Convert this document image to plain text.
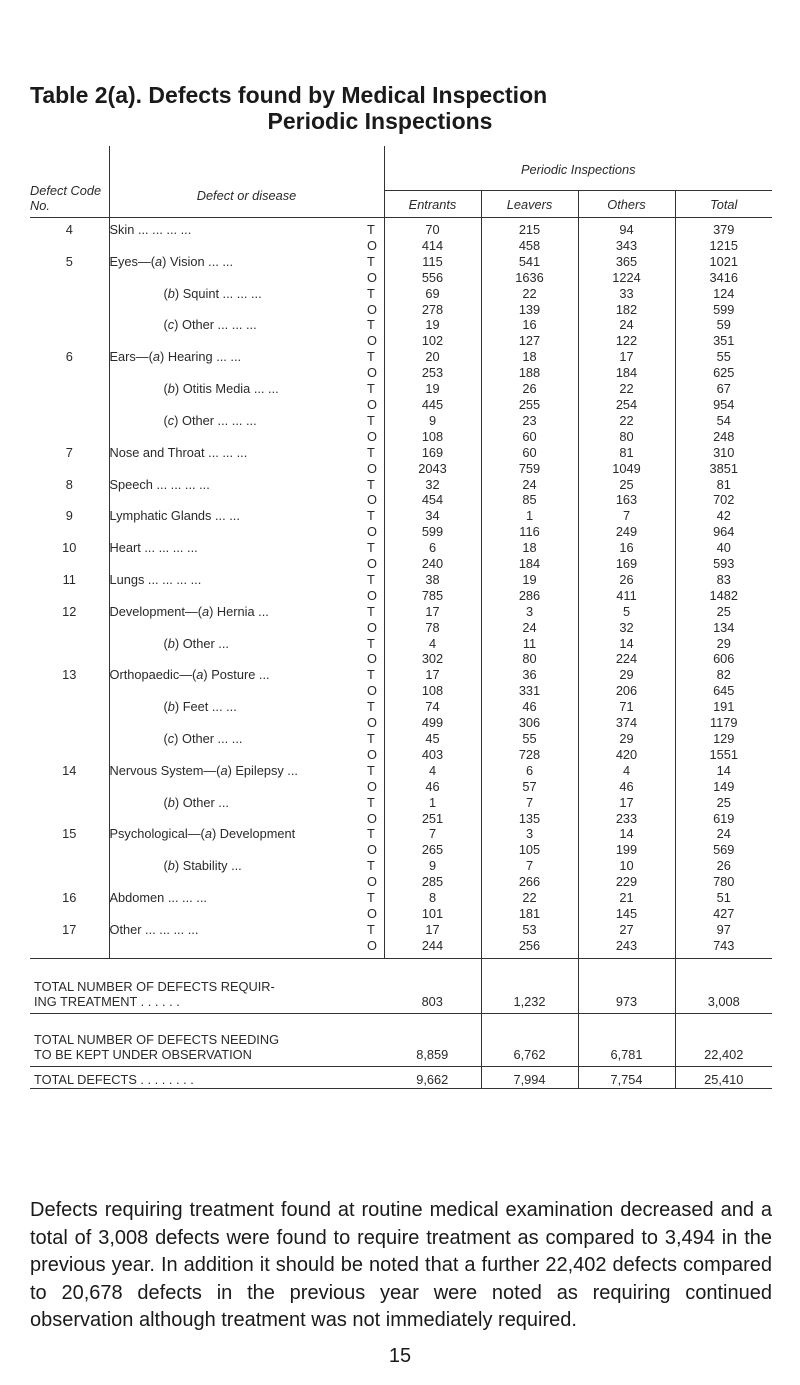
Table 2(a). Defects found by Medical Inspection
Periodic Inspections
Defect Code No.	Defect or disease		Periodic Inspections			
			Entrants	Leavers	Others	Total
4	Skin ... ... ... ...	T	70	215	94	379
		O	414	458	343	1215
5	Eyes—(a) Vision ... ...	T	115	541	365	1021
		O	556	1636	1224	3416
	(b) Squint ... ... ...	T	69	22	33	124
		O	278	139	182	599
	(c) Other ... ... ...	T	19	16	24	59
		O	102	127	122	351
6	Ears—(a) Hearing ... ...	T	20	18	17	55
		O	253	188	184	625
	(b) Otitis Media ... ...	T	19	26	22	67
		O	445	255	254	954
	(c) Other ... ... ...	T	9	23	22	54
		O	108	60	80	248
7	Nose and Throat ... ... ...	T	169	60	81	310
		O	2043	759	1049	3851
8	Speech ... ... ... ...	T	32	24	25	81
		O	454	85	163	702
9	Lymphatic Glands ... ...	T	34	1	7	42
		O	599	116	249	964
10	Heart ... ... ... ...	T	6	18	16	40
		O	240	184	169	593
11	Lungs ... ... ... ...	T	38	19	26	83
		O	785	286	411	1482
12	Development—(a) Hernia ...	T	17	3	5	25
		O	78	24	32	134
	(b) Other ...	T	4	11	14	29
		O	302	80	224	606
13	Orthopaedic—(a) Posture ...	T	17	36	29	82
		O	108	331	206	645
	(b) Feet ... ...	T	74	46	71	191
		O	499	306	374	1179
	(c) Other ... ...	T	45	55	29	129
		O	403	728	420	1551
14	Nervous System—(a) Epilepsy ...	T	4	6	4	14
		O	46	57	46	149
	(b) Other ...	T	1	7	17	25
		O	251	135	233	619
15	Psychological—(a) Development	T	7	3	14	24
		O	265	105	199	569
	(b) Stability ...	T	9	7	10	26
		O	285	266	229	780
16	Abdomen ... ... ...	T	8	22	21	51
		O	101	181	145	427
17	Other ... ... ... ...	T	17	53	27	97
		O	244	256	243	743

TOTAL NUMBER OF DEFECTS REQUIR-
ING TREATMENT . . . . . .			803	1,232	973	3,008

TOTAL NUMBER OF DEFECTS NEEDING
TO BE KEPT UNDER OBSERVATION			8,859	6,762	6,781	22,402

TOTAL DEFECTS . . . . . . . .			9,662	7,994	7,754	25,410

Defects requiring treatment found at routine medical examination decreased and a total of 3,008 defects were found to require treatment as compared to 3,494 in the previous year. In addition it should be noted that a further 22,402 defects compared to 20,678 defects in the previous year were noted as requiring continued observation although treatment was not immediately required.

15
